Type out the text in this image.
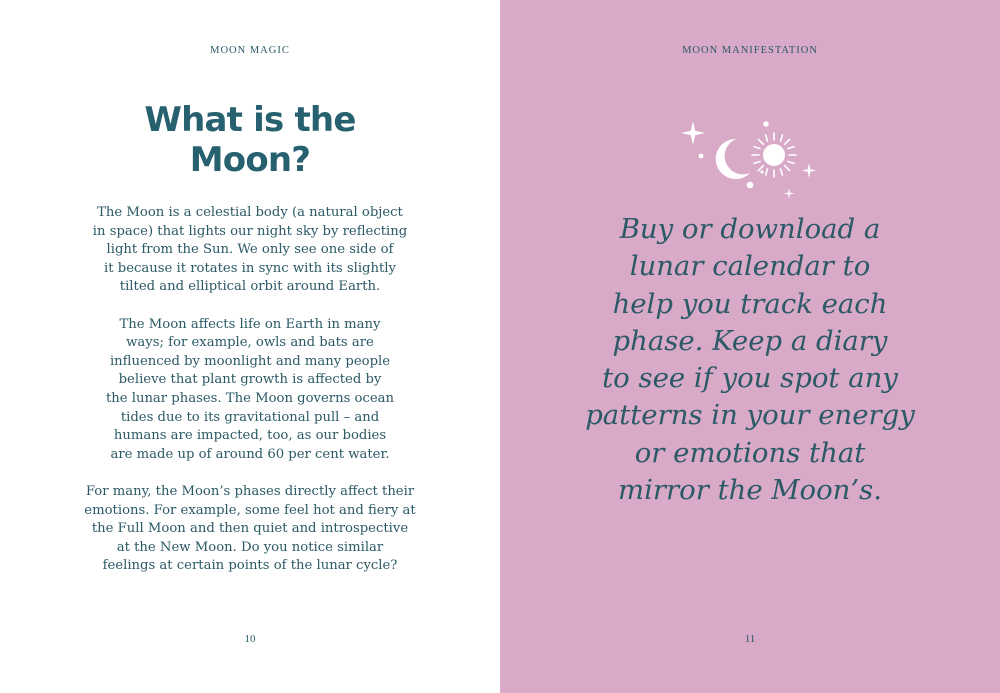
MOON MAGIC
What is the
Moon?

The Moon is a celestial body (a natural object
in space) that lights our night sky by reflecting
light from the Sun. We only see one side of
it because it rotates in sync with its slightly
tilted and elliptical orbit around Earth.

The Moon affects life on Earth in many
ways; for example, owls and bats are
influenced by moonlight and many people
believe that plant growth is affected by
the lunar phases. The Moon governs ocean
tides due to its gravitational pull – and
humans are impacted, too, as our bodies
are made up of around 60 per cent water.

For many, the Moon’s phases directly affect their
emotions. For example, some feel hot and fiery at
the Full Moon and then quiet and introspective
at the New Moon. Do you notice similar
feelings at certain points of the lunar cycle?

10
MOON MANIFESTATION
11
Buy or download a
lunar calendar to
help you track each
phase. Keep a diary
to see if you spot any
patterns in your energy
or emotions that
mirror the Moon’s.
